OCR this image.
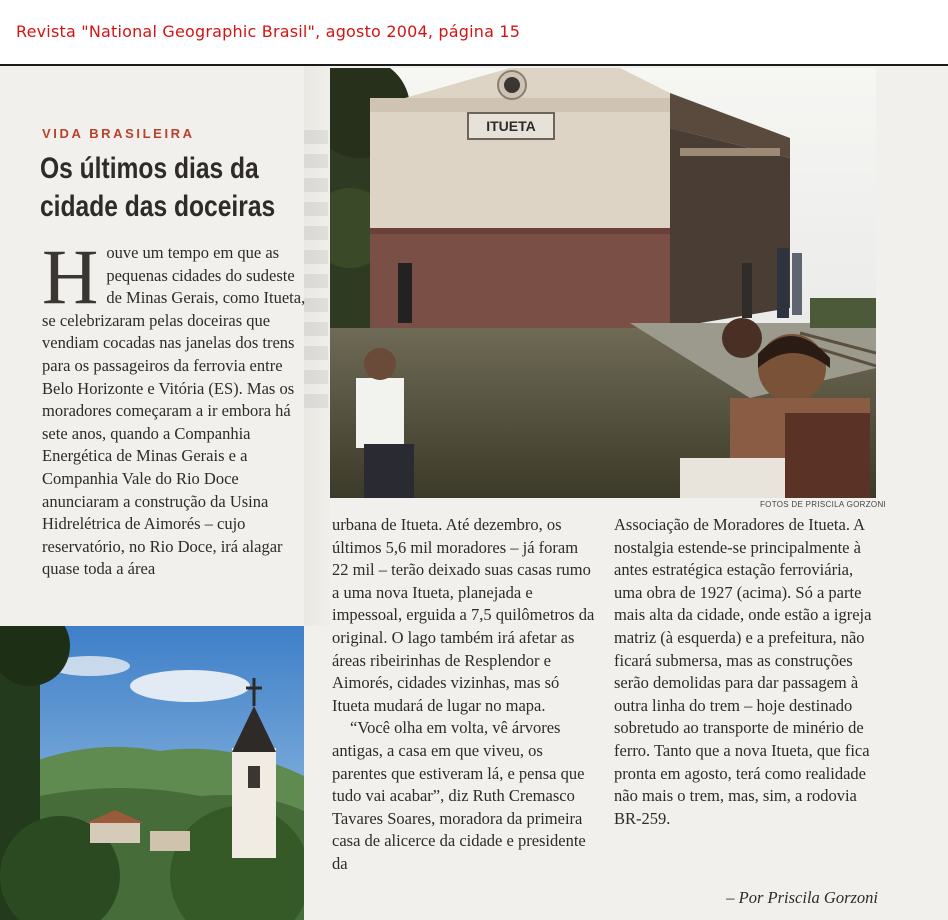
Revista "National Geographic Brasil", agosto 2004, página 15
VIDA BRASILEIRA
Os últimos dias da
cidade das doceiras
H ouve um tempo em que as pequenas cidades do sudeste de Minas Gerais, como Itueta, se celebrizaram pelas doceiras que vendiam cocadas nas janelas dos trens para os passageiros da ferrovia entre Belo Horizonte e Vitória (ES). Mas os moradores começaram a ir embora há sete anos, quando a Companhia Energética de Minas Gerais e a Companhia Vale do Rio Doce anunciaram a construção da Usina Hidrelétrica de Aimorés – cujo reservatório, no Rio Doce, irá alagar quase toda a área

urbana de Itueta. Até dezembro, os últimos 5,6 mil moradores – já foram 22 mil – terão deixado suas casas rumo a uma nova Itueta, planejada e impessoal, erguida a 7,5 quilômetros da original. O lago também irá afetar as áreas ribeirinhas de Resplendor e Aimorés, cidades vizinhas, mas só Itueta mudará de lugar no mapa.

“Você olha em volta, vê árvores antigas, a casa em que viveu, os parentes que estiveram lá, e pensa que tudo vai acabar”, diz Ruth Cremasco Tavares Soares, moradora da primeira casa de alicerce da cidade e presidente da

Associação de Moradores de Itueta. A nostalgia estende-se principalmente à antes estratégica estação ferroviária, uma obra de 1927 (acima). Só a parte mais alta da cidade, onde estão a igreja matriz (à esquerda) e a prefeitura, não ficará submersa, mas as construções serão demolidas para dar passagem à outra linha do trem – hoje destinado sobretudo ao transporte de minério de ferro. Tanto que a nova Itueta, que fica pronta em agosto, terá como realidade não mais o trem, mas, sim, a rodovia BR-259.

– Por Priscila Gorzoni
ITUETA
FOTOS DE PRISCILA GORZONI
